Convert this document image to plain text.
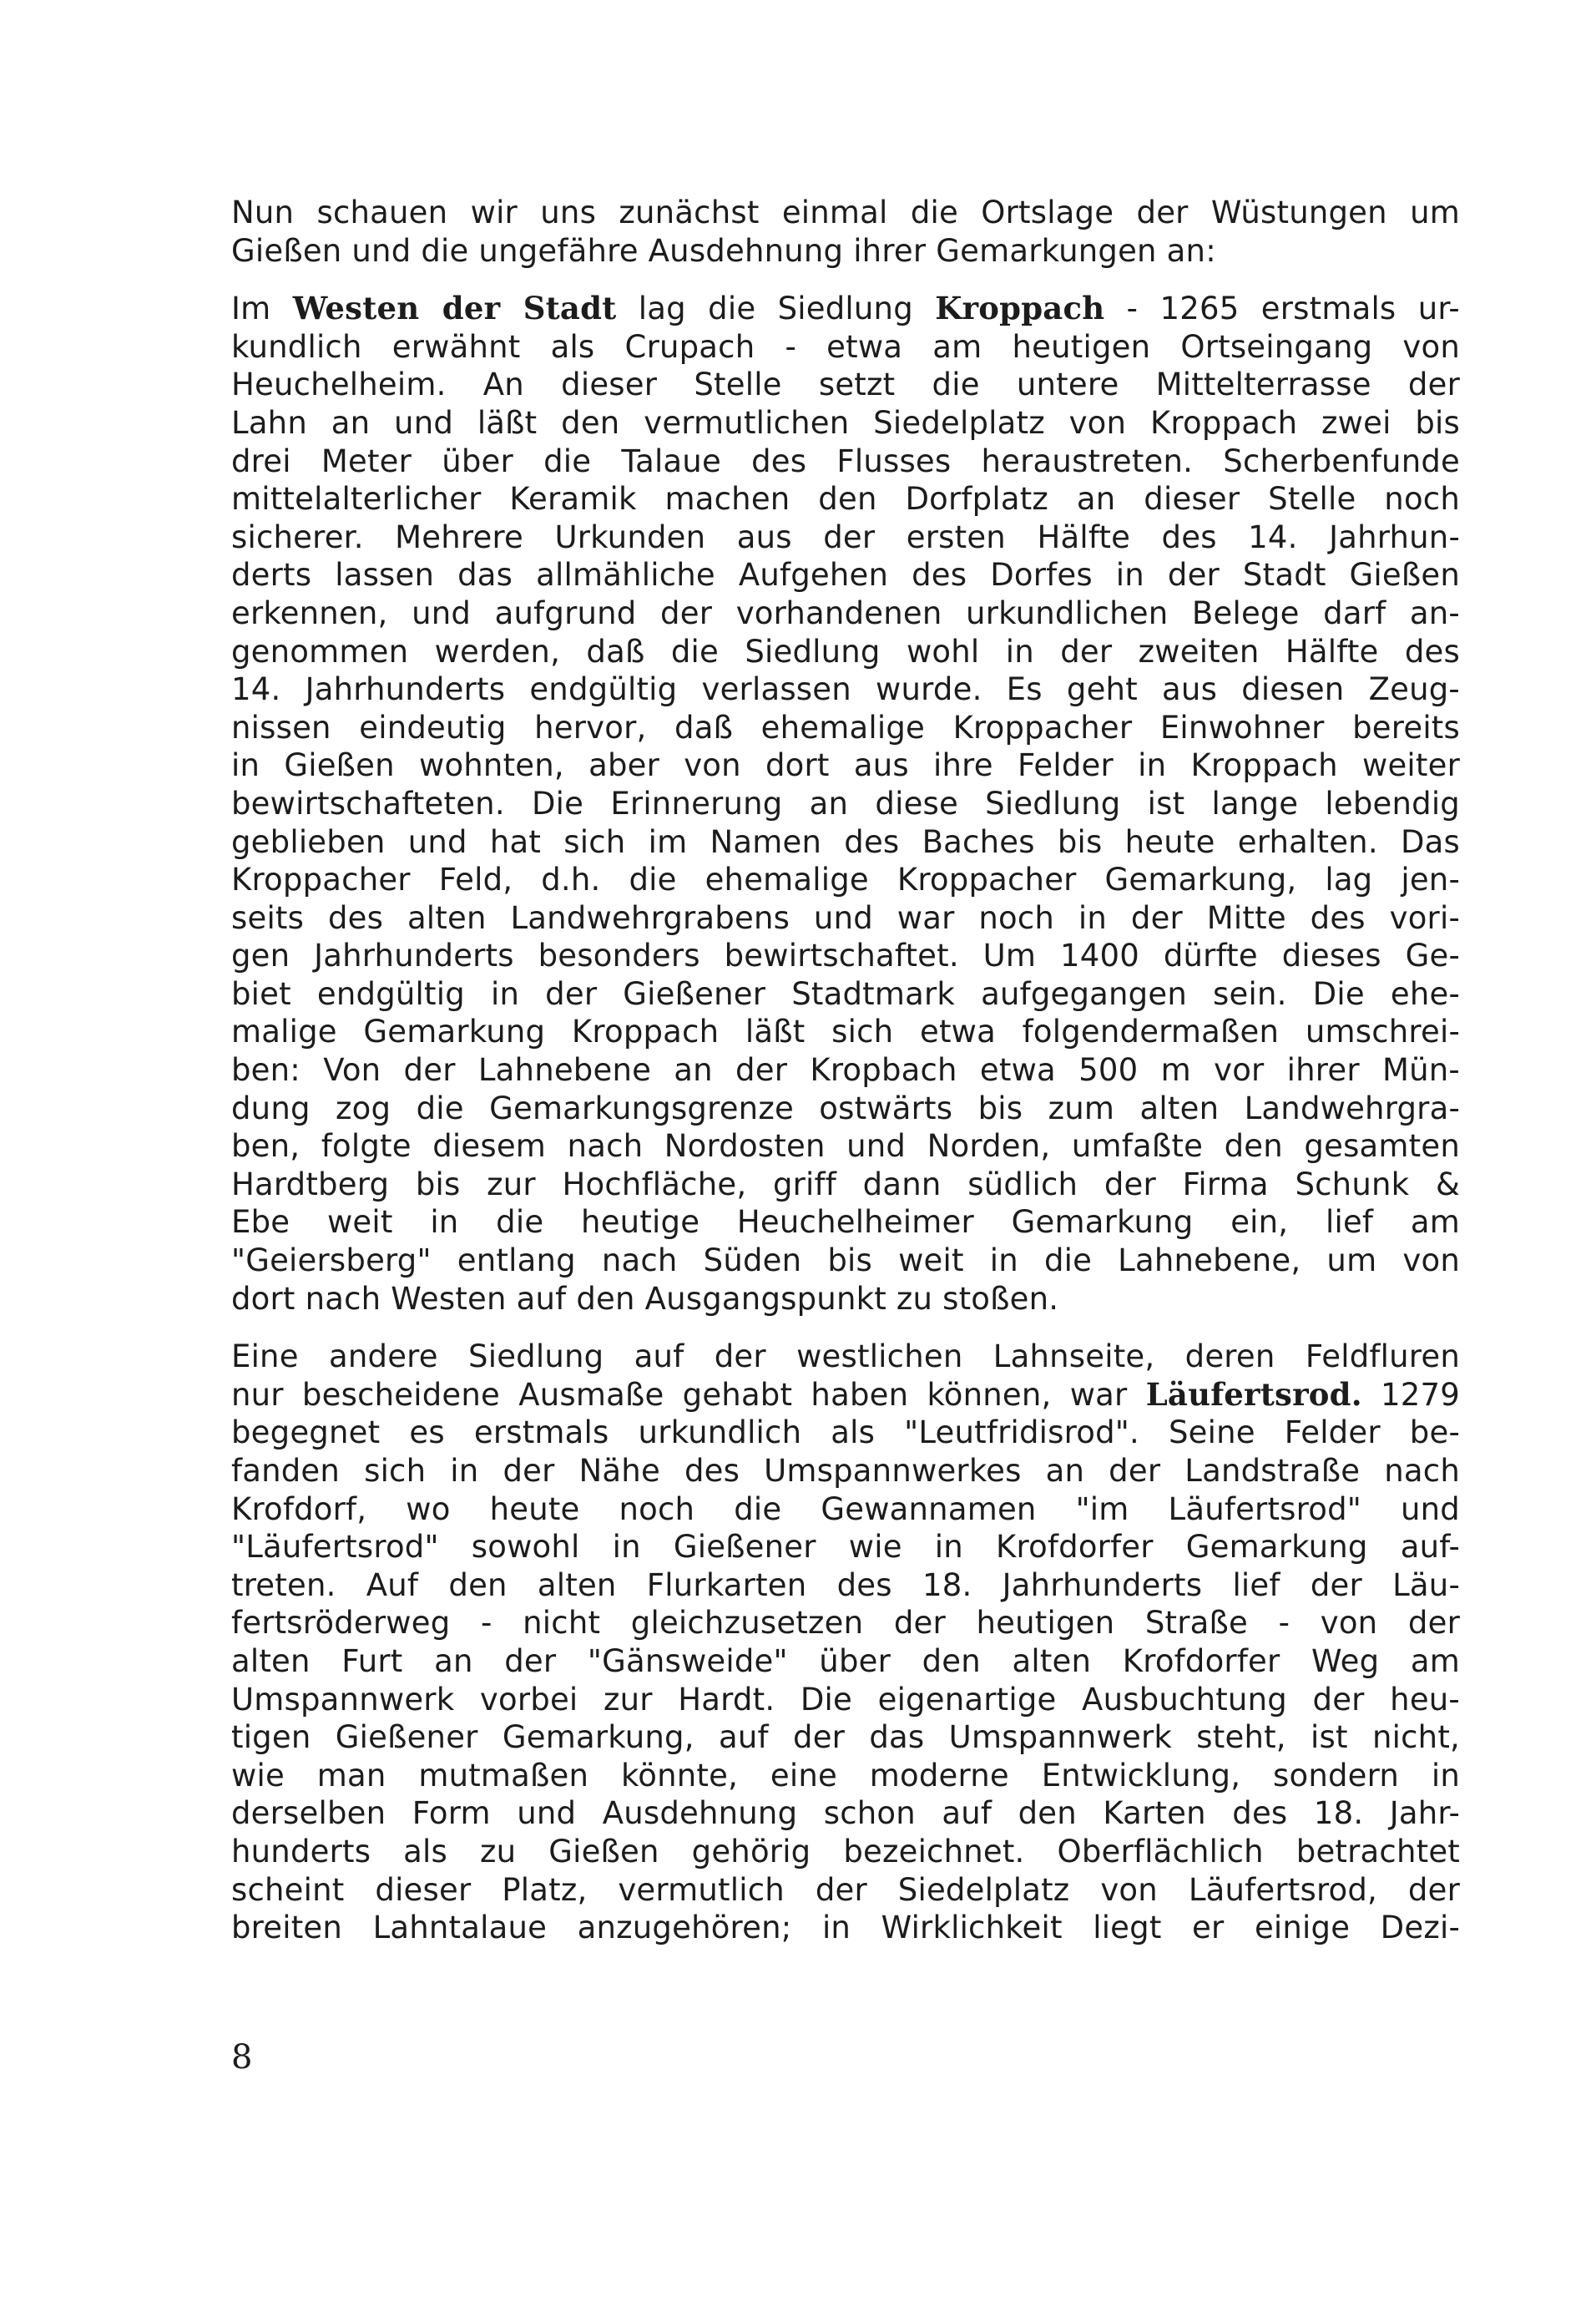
Nun schauen wir uns zunächst einmal die Ortslage der Wüstungen um
Gießen und die ungefähre Ausdehnung ihrer Gemarkungen an:

Im Westen der Stadt lag die Siedlung Kroppach - 1265 erstmals ur-
kundlich erwähnt als Crupach - etwa am heutigen Ortseingang von
Heuchelheim. An dieser Stelle setzt die untere Mittelterrasse der
Lahn an und läßt den vermutlichen Siedelplatz von Kroppach zwei bis
drei Meter über die Talaue des Flusses heraustreten. Scherbenfunde
mittelalterlicher Keramik machen den Dorfplatz an dieser Stelle noch
sicherer. Mehrere Urkunden aus der ersten Hälfte des 14. Jahrhun-
derts lassen das allmähliche Aufgehen des Dorfes in der Stadt Gießen
erkennen, und aufgrund der vorhandenen urkundlichen Belege darf an-
genommen werden, daß die Siedlung wohl in der zweiten Hälfte des
14. Jahrhunderts endgültig verlassen wurde. Es geht aus diesen Zeug-
nissen eindeutig hervor, daß ehemalige Kroppacher Einwohner bereits
in Gießen wohnten, aber von dort aus ihre Felder in Kroppach weiter
bewirtschafteten. Die Erinnerung an diese Siedlung ist lange lebendig
geblieben und hat sich im Namen des Baches bis heute erhalten. Das
Kroppacher Feld, d.h. die ehemalige Kroppacher Gemarkung, lag jen-
seits des alten Landwehrgrabens und war noch in der Mitte des vori-
gen Jahrhunderts besonders bewirtschaftet. Um 1400 dürfte dieses Ge-
biet endgültig in der Gießener Stadtmark aufgegangen sein. Die ehe-
malige Gemarkung Kroppach läßt sich etwa folgendermaßen umschrei-
ben: Von der Lahnebene an der Kropbach etwa 500 m vor ihrer Mün-
dung zog die Gemarkungsgrenze ostwärts bis zum alten Landwehrgra-
ben, folgte diesem nach Nordosten und Norden, umfaßte den gesamten
Hardtberg bis zur Hochfläche, griff dann südlich der Firma Schunk &
Ebe weit in die heutige Heuchelheimer Gemarkung ein, lief am
"Geiersberg" entlang nach Süden bis weit in die Lahnebene, um von
dort nach Westen auf den Ausgangspunkt zu stoßen.

Eine andere Siedlung auf der westlichen Lahnseite, deren Feldfluren
nur bescheidene Ausmaße gehabt haben können, war Läufertsrod. 1279
begegnet es erstmals urkundlich als "Leutfridisrod". Seine Felder be-
fanden sich in der Nähe des Umspannwerkes an der Landstraße nach
Krofdorf, wo heute noch die Gewannamen "im Läufertsrod" und
"Läufertsrod" sowohl in Gießener wie in Krofdorfer Gemarkung auf-
treten. Auf den alten Flurkarten des 18. Jahrhunderts lief der Läu-
fertsröderweg - nicht gleichzusetzen der heutigen Straße - von der
alten Furt an der "Gänsweide" über den alten Krofdorfer Weg am
Umspannwerk vorbei zur Hardt. Die eigenartige Ausbuchtung der heu-
tigen Gießener Gemarkung, auf der das Umspannwerk steht, ist nicht,
wie man mutmaßen könnte, eine moderne Entwicklung, sondern in
derselben Form und Ausdehnung schon auf den Karten des 18. Jahr-
hunderts als zu Gießen gehörig bezeichnet. Oberflächlich betrachtet
scheint dieser Platz, vermutlich der Siedelplatz von Läufertsrod, der
breiten Lahntalaue anzugehören; in Wirklichkeit liegt er einige Dezi-

8
